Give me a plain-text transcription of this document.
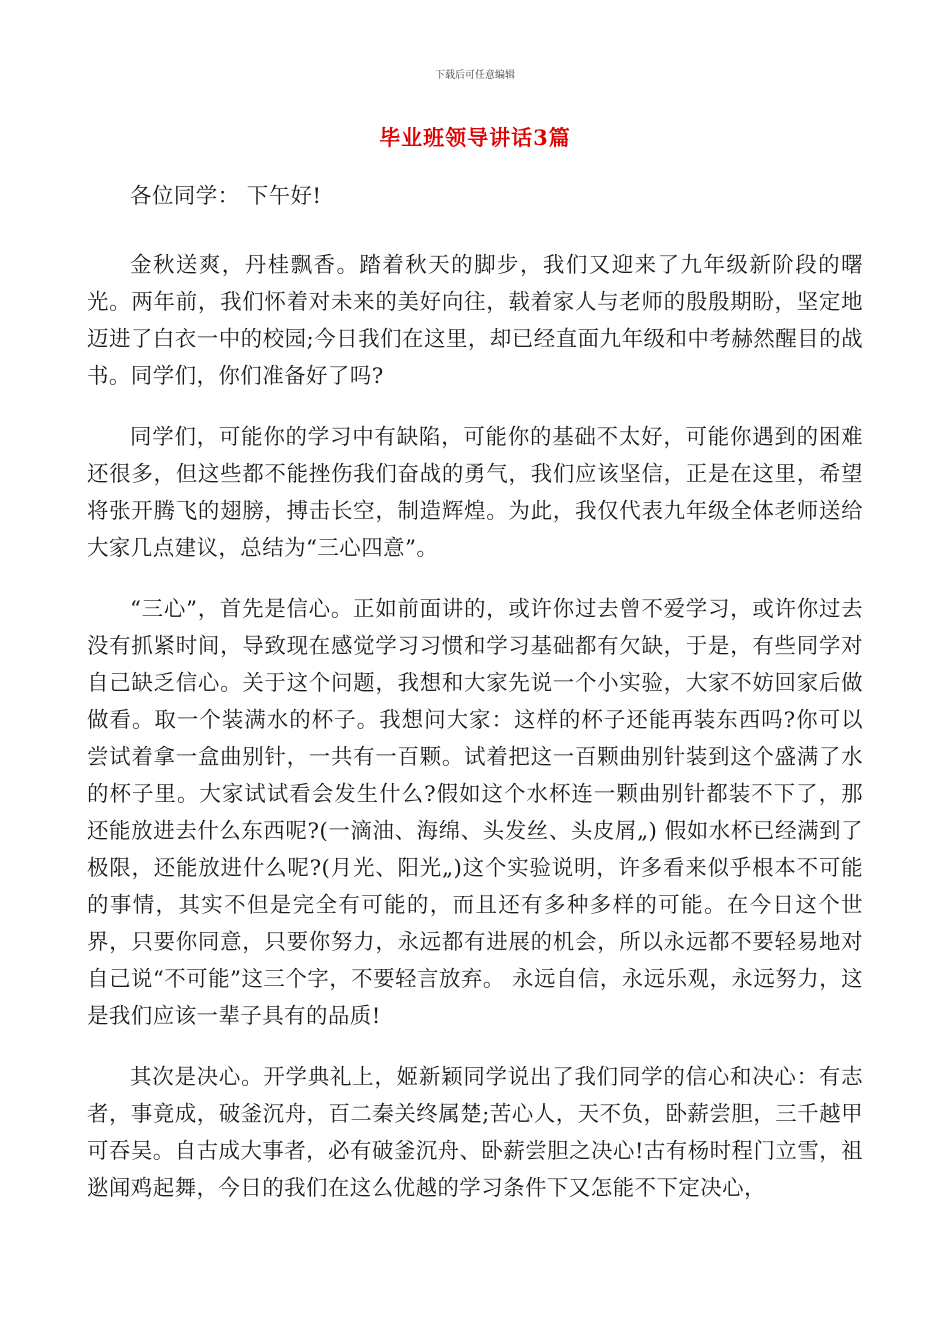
下载后可任意编辑
毕业班领导讲话3篇

各位同学： 下午好!

金秋送爽，丹桂飘香。踏着秋天的脚步，我们又迎来了九年级新阶段的曙光。两年前，我们怀着对未来的美好向往，载着家人与老师的殷殷期盼，坚定地迈进了白衣一中的校园;今日我们在这里，却已经直面九年级和中考赫然醒目的战书。同学们，你们准备好了吗?

同学们，可能你的学习中有缺陷，可能你的基础不太好，可能你遇到的困难还很多，但这些都不能挫伤我们奋战的勇气，我们应该坚信，正是在这里，希望将张开腾飞的翅膀，搏击长空，制造辉煌。为此，我仅代表九年级全体老师送给大家几点建议，总结为“三心四意”。

“三心”，首先是信心。正如前面讲的，或许你过去曾不爱学习，或许你过去没有抓紧时间，导致现在感觉学习习惯和学习基础都有欠缺，于是，有些同学对自己缺乏信心。关于这个问题，我想和大家先说一个小实验，大家不妨回家后做做看。取一个装满水的杯子。我想问大家：这样的杯子还能再装东西吗?你可以尝试着拿一盒曲别针，一共有一百颗。试着把这一百颗曲别针装到这个盛满了水的杯子里。大家试试看会发生什么?假如这个水杯连一颗曲别针都装不下了，那还能放进去什么东西呢?(一滴油、海绵、头发丝、头皮屑„) 假如水杯已经满到了极限，还能放进什么呢?(月光、阳光„)这个实验说明，许多看来似乎根本不可能的事情，其实不但是完全有可能的，而且还有多种多样的可能。在今日这个世界，只要你同意，只要你努力，永远都有进展的机会，所以永远都不要轻易地对自己说“不可能”这三个字，不要轻言放弃。 永远自信，永远乐观，永远努力，这是我们应该一辈子具有的品质!

其次是决心。开学典礼上，姬新颖同学说出了我们同学的信心和决心：有志者，事竟成，破釜沉舟，百二秦关终属楚;苦心人，天不负，卧薪尝胆，三千越甲可吞吴。自古成大事者，必有破釜沉舟、卧薪尝胆之决心!古有杨时程门立雪，祖逖闻鸡起舞，今日的我们在这么优越的学习条件下又怎能不下定决心，
